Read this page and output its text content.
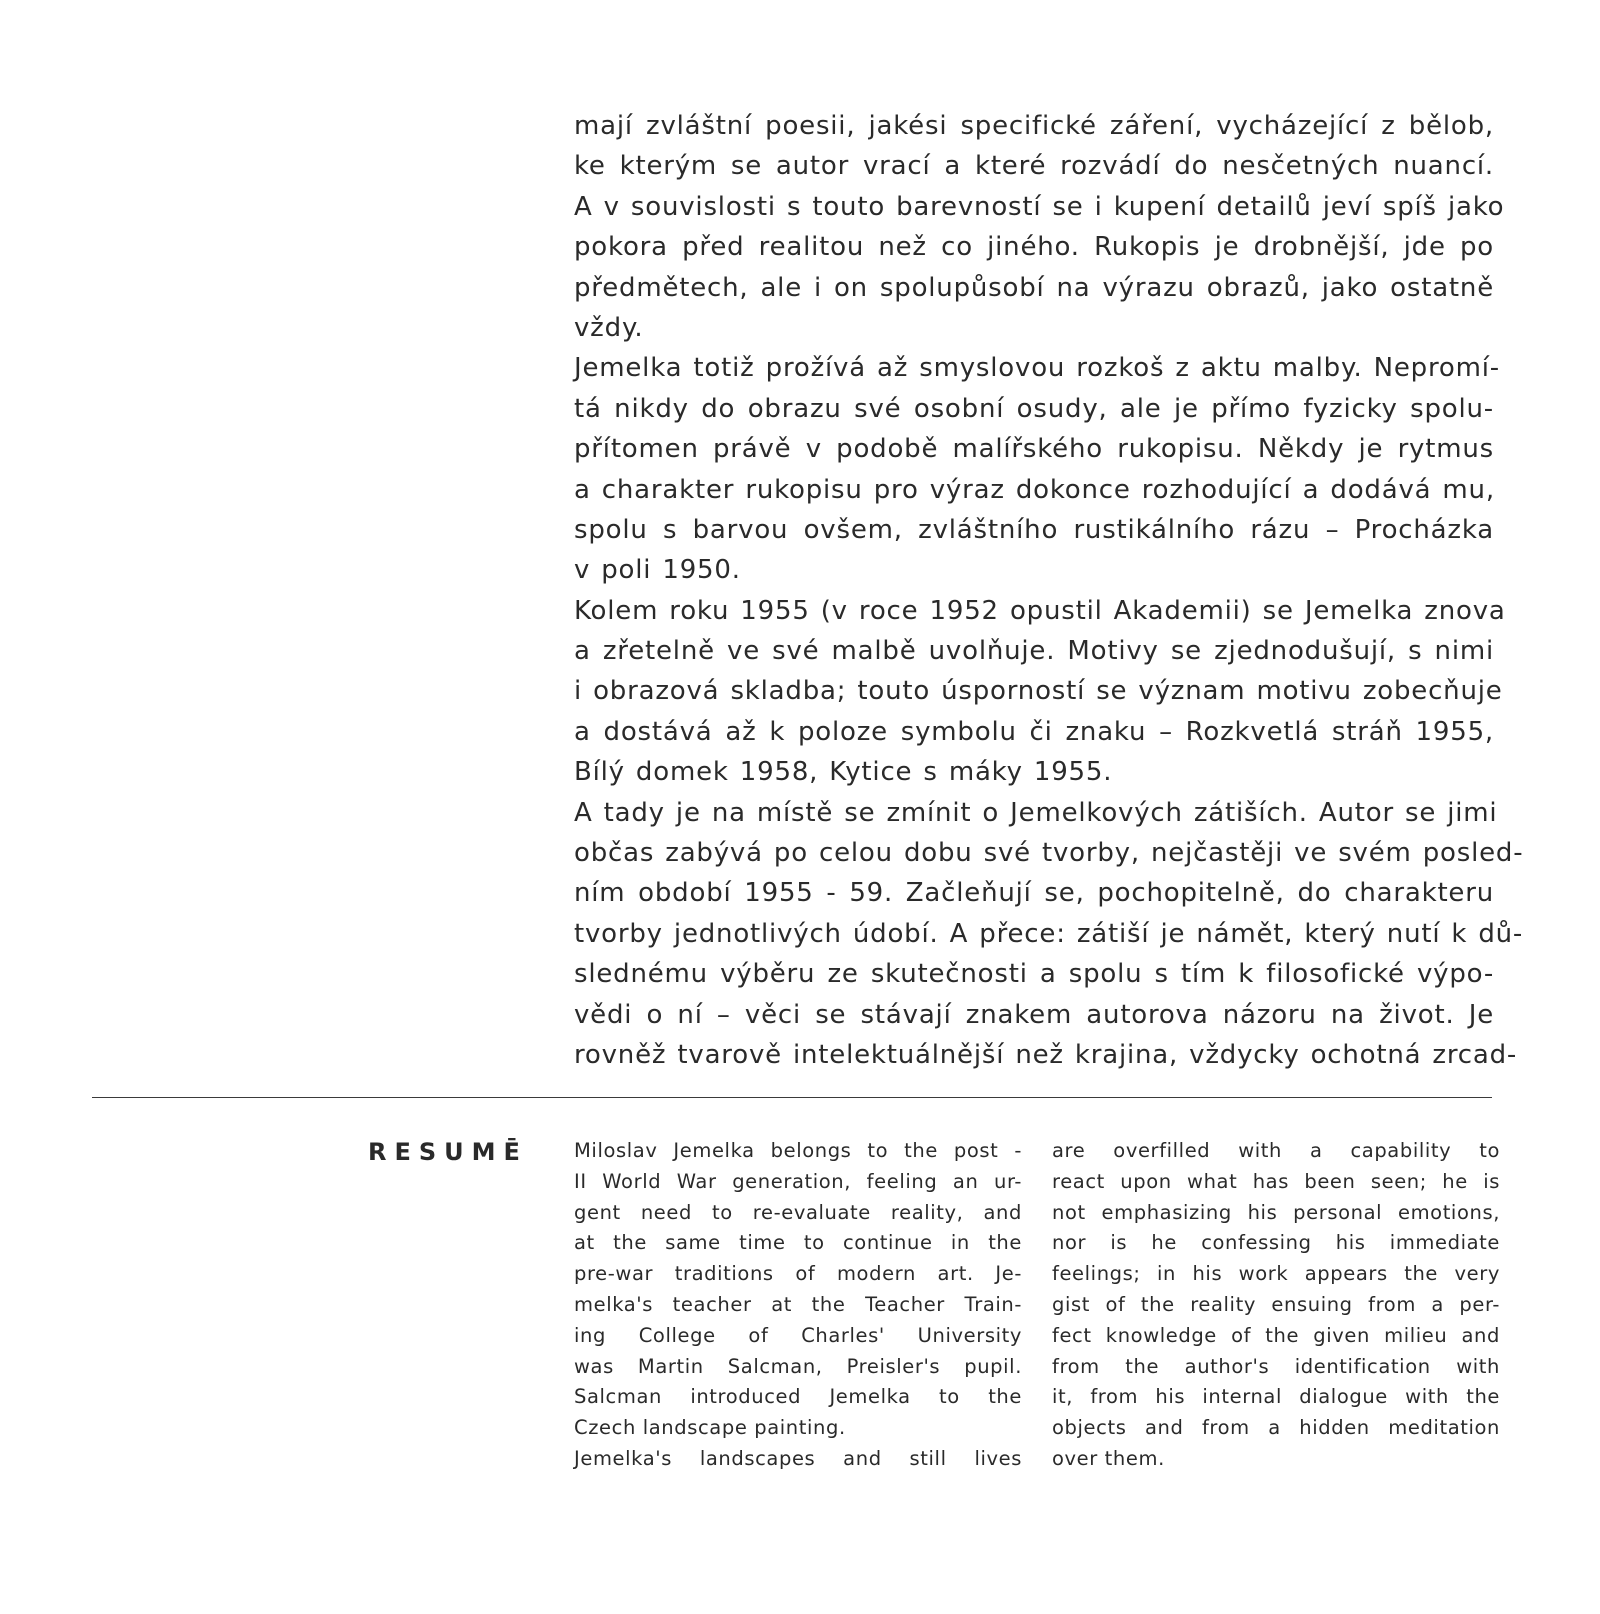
mají zvláštní poesii, jakési specifické záření, vycházející z bělob,
ke kterým se autor vrací a které rozvádí do nesčetných nuancí.
A v souvislosti s touto barevností se i kupení detailů jeví spíš jako
pokora před realitou než co jiného. Rukopis je drobnější, jde po
předmětech, ale i on spolupůsobí na výrazu obrazů, jako ostatně
vždy.
Jemelka totiž prožívá až smyslovou rozkoš z aktu malby. Nepromí-
tá nikdy do obrazu své osobní osudy, ale je přímo fyzicky spolu-
přítomen právě v podobě malířského rukopisu. Někdy je rytmus
a charakter rukopisu pro výraz dokonce rozhodující a dodává mu,
spolu s barvou ovšem, zvláštního rustikálního rázu – Procházka
v poli 1950.
Kolem roku 1955 (v roce 1952 opustil Akademii) se Jemelka znova
a zřetelně ve své malbě uvolňuje. Motivy se zjednodušují, s nimi
i obrazová skladba; touto úsporností se význam motivu zobecňuje
a dostává až k poloze symbolu či znaku – Rozkvetlá stráň 1955,
Bílý domek 1958, Kytice s máky 1955.
A tady je na místě se zmínit o Jemelkových zátiších. Autor se jimi
občas zabývá po celou dobu své tvorby, nejčastěji ve svém posled-
ním období 1955 - 59. Začleňují se, pochopitelně, do charakteru
tvorby jednotlivých údobí. A přece: zátiší je námět, který nutí k dů-
slednému výběru ze skutečnosti a spolu s tím k filosofické výpo-
vědi o ní – věci se stávají znakem autorova názoru na život. Je
rovněž tvarově intelektuálnější než krajina, vždycky ochotná zrcad-
RESUMĒ Miloslav Jemelka belongs to the post -
II World War generation, feeling an ur-
gent need to re-evaluate reality, and
at the same time to continue in the
pre-war traditions of modern art. Je-
melka's teacher at the Teacher Train-
ing College of Charles' University
was Martin Salcman, Preisler's pupil.
Salcman introduced Jemelka to the
Czech landscape painting.
Jemelka's landscapes and still lives
are overfilled with a capability to
react upon what has been seen; he is
not emphasizing his personal emotions,
nor is he confessing his immediate
feelings; in his work appears the very
gist of the reality ensuing from a per-
fect knowledge of the given milieu and
from the author's identification with
it, from his internal dialogue with the
objects and from a hidden meditation
over them.
